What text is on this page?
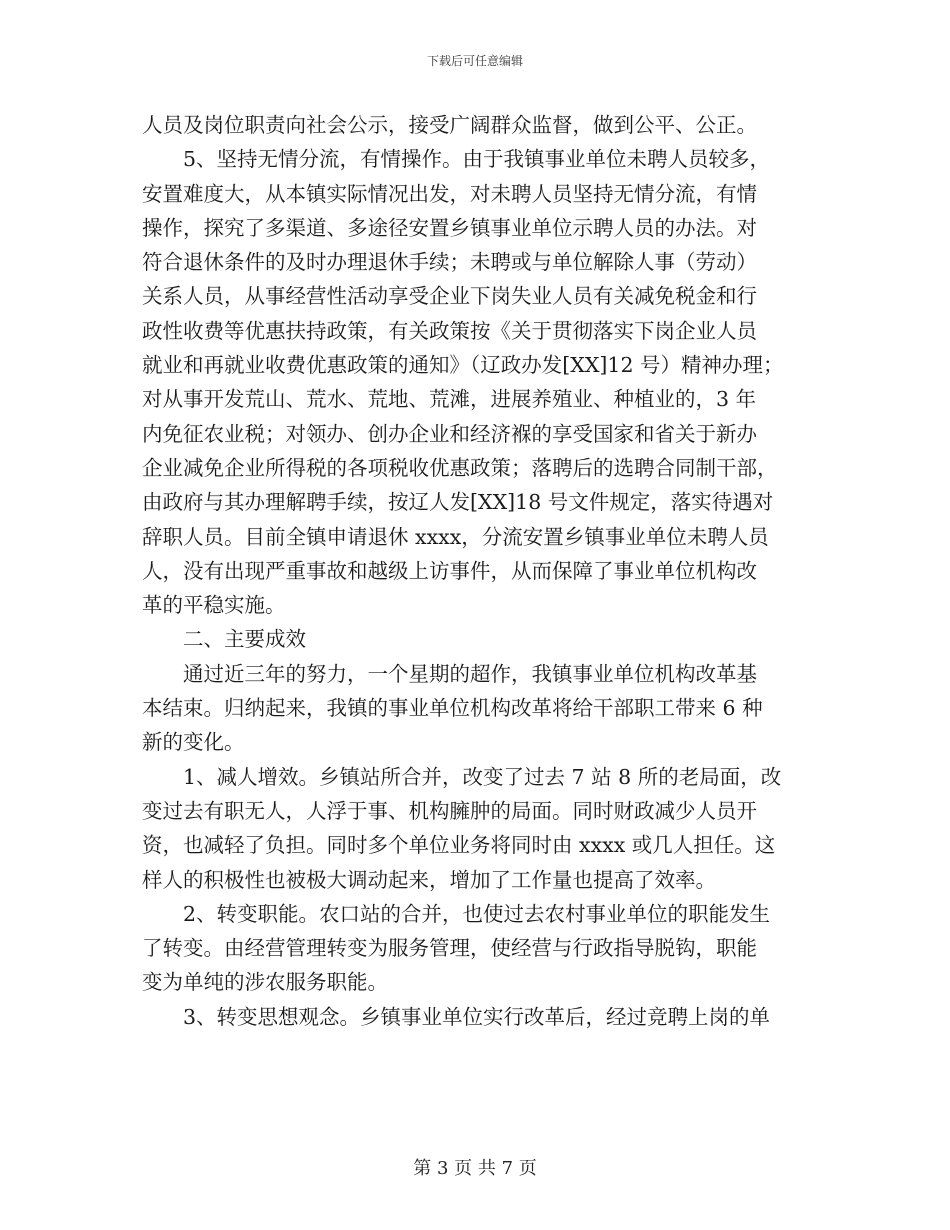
下载后可任意编辑
人员及岗位职责向社会公示，接受广阔群众监督，做到公平、公正。
5、坚持无情分流，有情操作。由于我镇事业单位未聘人员较多，
安置难度大，从本镇实际情况出发，对未聘人员坚持无情分流，有情
操作，探究了多渠道、多途径安置乡镇事业单位示聘人员的办法。对
符合退休条件的及时办理退休手续；未聘或与单位解除人事（劳动）
关系人员，从事经营性活动享受企业下岗失业人员有关减免税金和行
政性收费等优惠扶持政策，有关政策按《关于贯彻落实下岗企业人员
就业和再就业收费优惠政策的通知》（辽政办发[XX]12 号）精神办理；
对从事开发荒山、荒水、荒地、荒滩，进展养殖业、种植业的，3 年
内免征农业税；对领办、创办企业和经济褓的享受国家和省关于新办
企业减免企业所得税的各项税收优惠政策；落聘后的选聘合同制干部，
由政府与其办理解聘手续，按辽人发[XX]18 号文件规定，落实待遇对
辞职人员。目前全镇申请退休 xxxx，分流安置乡镇事业单位未聘人员
人，没有出现严重事故和越级上访事件，从而保障了事业单位机构改
革的平稳实施。
二、主要成效
通过近三年的努力，一个星期的超作，我镇事业单位机构改革基
本结束。归纳起来，我镇的事业单位机构改革将给干部职工带来 6 种
新的变化。
1、减人增效。乡镇站所合并，改变了过去 7 站 8 所的老局面，改
变过去有职无人，人浮于事、机构臃肿的局面。同时财政减少人员开
资，也减轻了负担。同时多个单位业务将同时由 xxxx 或几人担任。这
样人的积极性也被极大调动起来，增加了工作量也提高了效率。
2、转变职能。农口站的合并，也使过去农村事业单位的职能发生
了转变。由经营管理转变为服务管理，使经营与行政指导脱钩，职能
变为单纯的涉农服务职能。
3、转变思想观念。乡镇事业单位实行改革后，经过竞聘上岗的单
第 3 页 共 7 页
